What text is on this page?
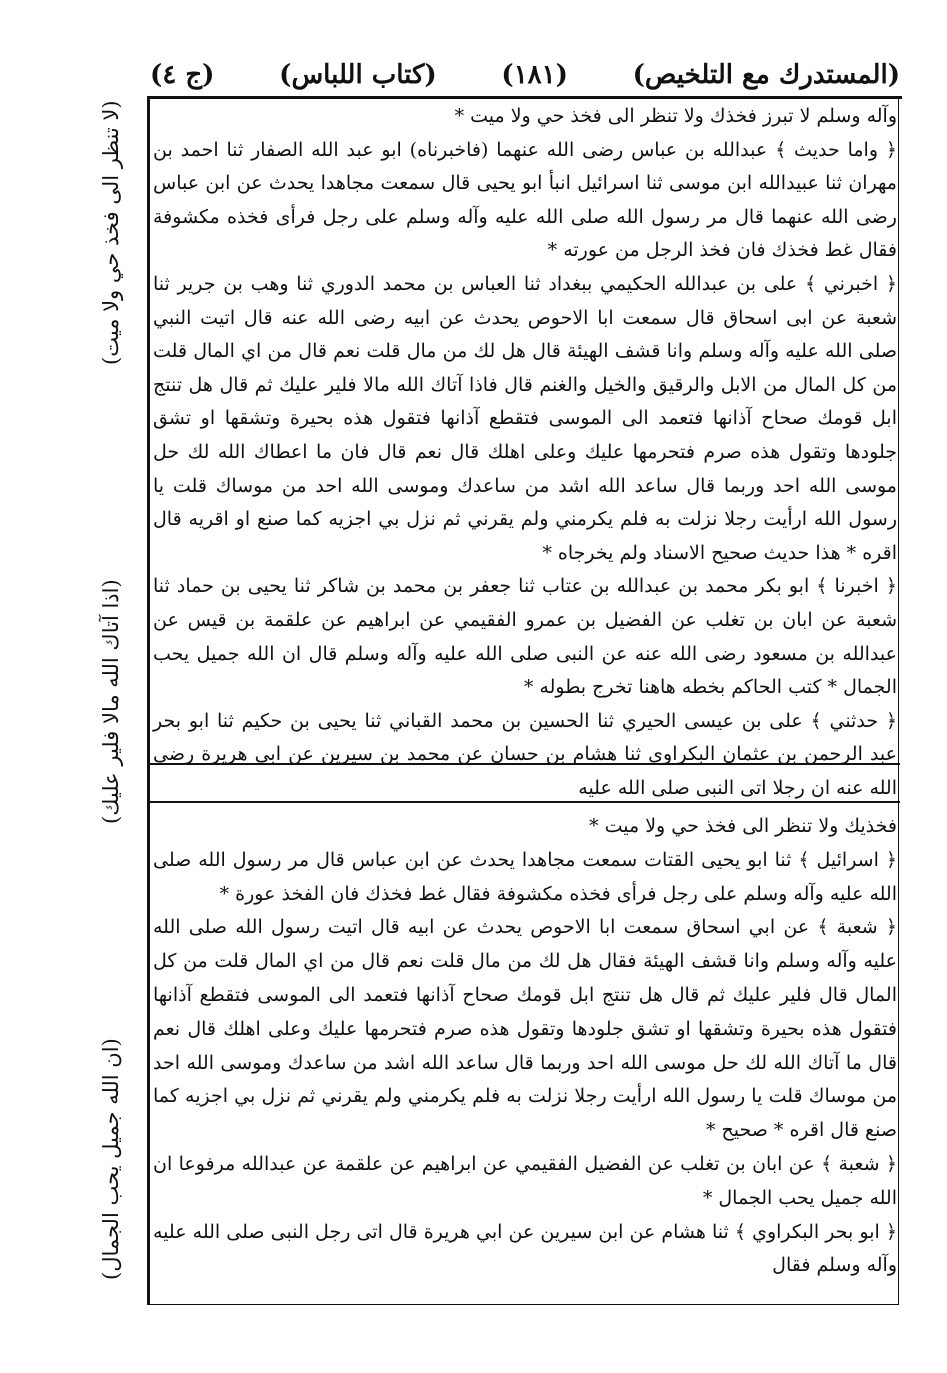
(المستدرك مع التلخيص)
(١٨١)
(كتاب اللباس)
(ج ٤)

وآله وسلم لا تبرز فخذك ولا تنظر الى فخذ حي ولا ميت *

﴿ واما حديث ﴾ عبدالله بن عباس رضى الله عنهما (فاخبرناه) ابو عبد الله الصفار ثنا احمد بن مهران ثنا عبيدالله ابن موسى ثنا اسرائيل انبأ ابو يحيى قال سمعت مجاهدا يحدث عن ابن عباس رضى الله عنهما قال مر رسول الله صلى الله عليه وآله وسلم على رجل فرأى فخذه مكشوفة فقال غط فخذك فان فخذ الرجل من عورته *

﴿ اخبرني ﴾ على بن عبدالله الحكيمي ببغداد ثنا العباس بن محمد الدوري ثنا وهب بن جرير ثنا شعبة عن ابى اسحاق قال سمعت ابا الاحوص يحدث عن ابيه رضى الله عنه قال اتيت النبي صلى الله عليه وآله وسلم وانا قشف الهيئة قال هل لك من مال قلت نعم قال من اي المال قلت من كل المال من الابل والرقيق والخيل والغنم قال فاذا آتاك الله مالا فلير عليك ثم قال هل تنتج ابل قومك صحاح آذانها فتعمد الى الموسى فتقطع آذانها فتقول هذه بحيرة وتشقها او تشق جلودها وتقول هذه صرم فتحرمها عليك وعلى اهلك قال نعم قال فان ما اعطاك الله لك حل موسى الله احد وربما قال ساعد الله اشد من ساعدك وموسى الله احد من موساك قلت يا رسول الله ارأيت رجلا نزلت به فلم يكرمني ولم يقرني ثم نزل بي اجزيه كما صنع او اقريه قال اقره * هذا حديث صحيح الاسناد ولم يخرجاه *

﴿ اخبرنا ﴾ ابو بكر محمد بن عبدالله بن عتاب ثنا جعفر بن محمد بن شاكر ثنا يحيى بن حماد ثنا شعبة عن ابان بن تغلب عن الفضيل بن عمرو الفقيمي عن ابراهيم عن علقمة بن قيس عن عبدالله بن مسعود رضى الله عنه عن النبى صلى الله عليه وآله وسلم قال ان الله جميل يحب الجمال * كتب الحاكم بخطه هاهنا تخرج بطوله *

﴿ حدثني ﴾ على بن عيسى الحيري ثنا الحسين بن محمد القباني ثنا يحيى بن حكيم ثنا ابو بحر عبد الرحمن بن عثمان البكراوي ثنا هشام بن حسان عن محمد بن سيرين عن ابى هريرة رضى الله عنه ان رجلا اتى النبى صلى الله عليه

فخذيك ولا تنظر الى فخذ حي ولا ميت *

﴿ اسرائيل ﴾ ثنا ابو يحيى القتات سمعت مجاهدا يحدث عن ابن عباس قال مر رسول الله صلى الله عليه وآله وسلم على رجل فرأى فخذه مكشوفة فقال غط فخذك فان الفخذ عورة *

﴿ شعبة ﴾ عن ابي اسحاق سمعت ابا الاحوص يحدث عن ابيه قال اتيت رسول الله صلى الله عليه وآله وسلم وانا قشف الهيئة فقال هل لك من مال قلت نعم قال من اي المال قلت من كل المال قال فلير عليك ثم قال هل تنتج ابل قومك صحاح آذانها فتعمد الى الموسى فتقطع آذانها فتقول هذه بحيرة وتشقها او تشق جلودها وتقول هذه صرم فتحرمها عليك وعلى اهلك قال نعم قال ما آتاك الله لك حل موسى الله احد وربما قال ساعد الله اشد من ساعدك وموسى الله احد من موساك قلت يا رسول الله ارأيت رجلا نزلت به فلم يكرمني ولم يقرني ثم نزل بي اجزيه كما صنع قال اقره * صحيح *

﴿ شعبة ﴾ عن ابان بن تغلب عن الفضيل الفقيمي عن ابراهيم عن علقمة عن عبدالله مرفوعا ان الله جميل يحب الجمال *

﴿ ابو بحر البكراوي ﴾ ثنا هشام عن ابن سيرين عن ابي هريرة قال اتى رجل النبى صلى الله عليه وآله وسلم فقال

(لا تنظر الى فخذ حي ولا ميت)
(اذا آتاك الله مالا فلير عليك)
(ان الله جميل يحب الجمال)
